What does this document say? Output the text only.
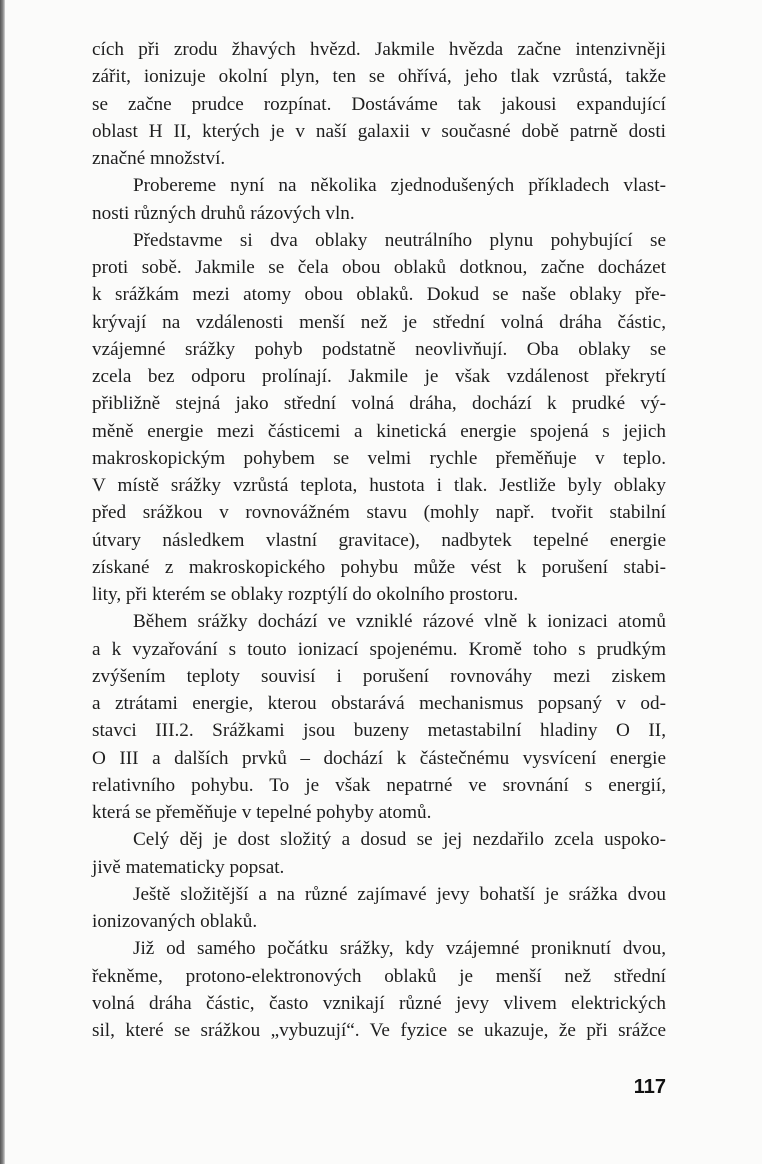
cích při zrodu žhavých hvězd. Jakmile hvězda začne intenzivněji
zářit, ionizuje okolní plyn, ten se ohřívá, jeho tlak vzrůstá, takže
se začne prudce rozpínat. Dostáváme tak jakousi expandující
oblast H II, kterých je v naší galaxii v současné době patrně dosti
značné množství.
Probereme nyní na několika zjednodušených příkladech vlast-
nosti různých druhů rázových vln.
Představme si dva oblaky neutrálního plynu pohybující se
proti sobě. Jakmile se čela obou oblaků dotknou, začne docházet
k srážkám mezi atomy obou oblaků. Dokud se naše oblaky pře-
krývají na vzdálenosti menší než je střední volná dráha částic,
vzájemné srážky pohyb podstatně neovlivňují. Oba oblaky se
zcela bez odporu prolínají. Jakmile je však vzdálenost překrytí
přibližně stejná jako střední volná dráha, dochází k prudké vý-
měně energie mezi částicemi a kinetická energie spojená s jejich
makroskopickým pohybem se velmi rychle přeměňuje v teplo.
V místě srážky vzrůstá teplota, hustota i tlak. Jestliže byly oblaky
před srážkou v rovnovážném stavu (mohly např. tvořit stabilní
útvary následkem vlastní gravitace), nadbytek tepelné energie
získané z makroskopického pohybu může vést k porušení stabi-
lity, při kterém se oblaky rozptýlí do okolního prostoru.
Během srážky dochází ve vzniklé rázové vlně k ionizaci atomů
a k vyzařování s touto ionizací spojenému. Kromě toho s prudkým
zvýšením teploty souvisí i porušení rovnováhy mezi ziskem
a ztrátami energie, kterou obstarává mechanismus popsaný v od-
stavci III.2. Srážkami jsou buzeny metastabilní hladiny O II,
O III a dalších prvků – dochází k částečnému vysvícení energie
relativního pohybu. To je však nepatrné ve srovnání s energií,
která se přeměňuje v tepelné pohyby atomů.
Celý děj je dost složitý a dosud se jej nezdařilo zcela uspoko-
jivě matematicky popsat.
Ještě složitější a na různé zajímavé jevy bohatší je srážka dvou
ionizovaných oblaků.
Již od samého počátku srážky, kdy vzájemné proniknutí dvou,
řekněme, protono-elektronových oblaků je menší než střední
volná dráha částic, často vznikají různé jevy vlivem elektrických
sil, které se srážkou „vybuzují“. Ve fyzice se ukazuje, že při srážce
117
